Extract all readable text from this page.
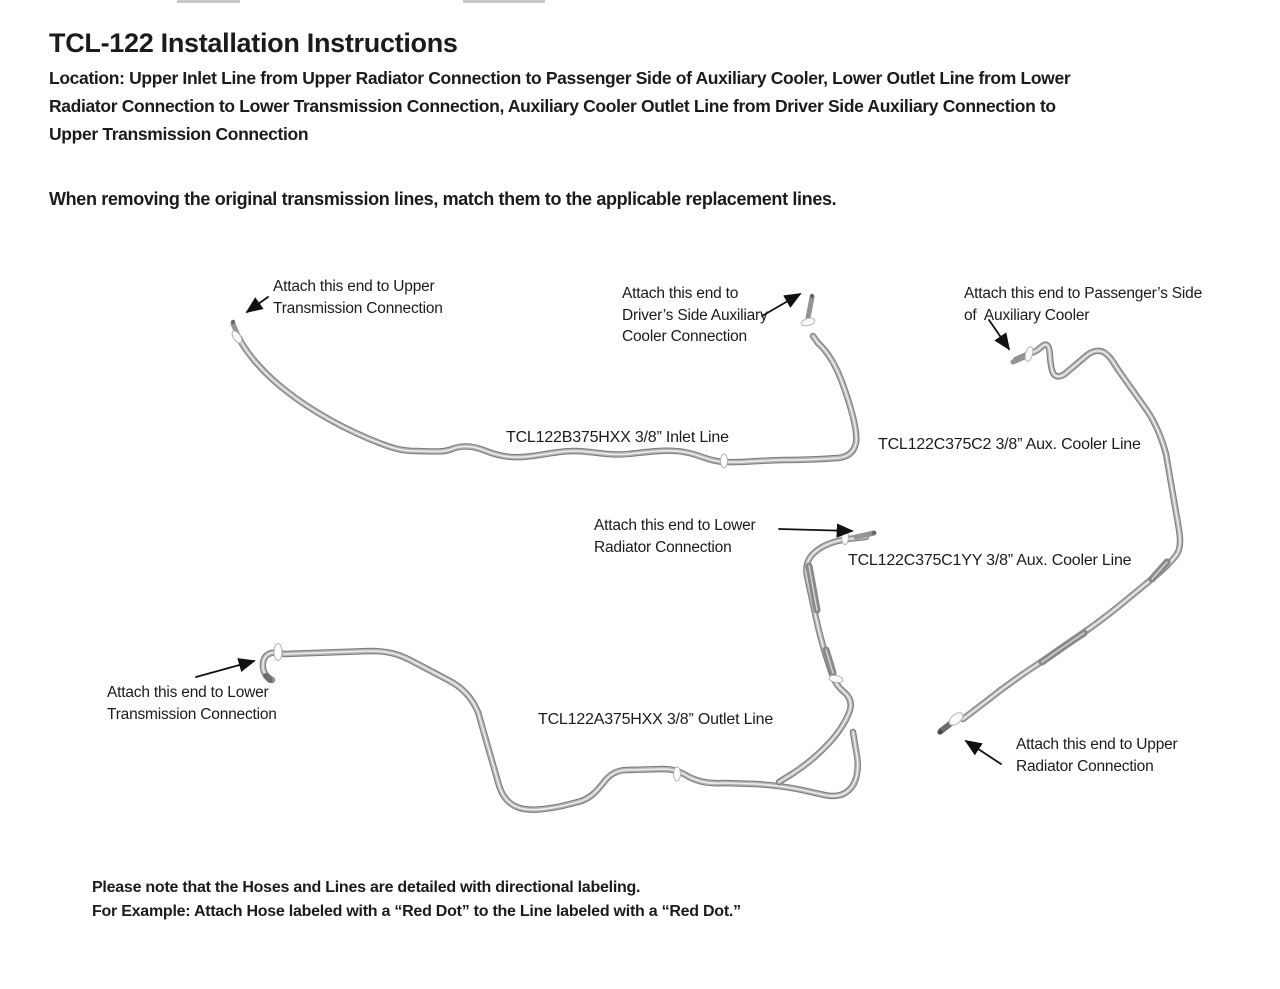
TCL-122 Installation Instructions
Location: Upper Inlet Line from Upper Radiator Connection to Passenger Side of Auxiliary Cooler, Lower Outlet Line from Lower
Radiator Connection to Lower Transmission Connection, Auxiliary Cooler Outlet Line from Driver Side Auxiliary Connection to
Upper Transmission Connection
When removing the original transmission lines, match them to the applicable replacement lines.
Attach this end to Upper
Transmission Connection
Attach this end to
Driver’s Side Auxiliary
Cooler Connection
Attach this end to Passenger’s Side
of  Auxiliary Cooler
Attach this end to Lower
Radiator Connection
Attach this end to Lower
Transmission Connection
Attach this end to Upper
Radiator Connection
TCL122B375HXX 3/8” Inlet Line	TCL122C375C2 3/8” Aux. Cooler Line
TCL122C375C1YY 3/8” Aux. Cooler Line
TCL122A375HXX 3/8” Outlet Line
Please note that the Hoses and Lines are detailed with directional labeling.
For Example: Attach Hose labeled with a “Red Dot” to the Line labeled with a “Red Dot.”
